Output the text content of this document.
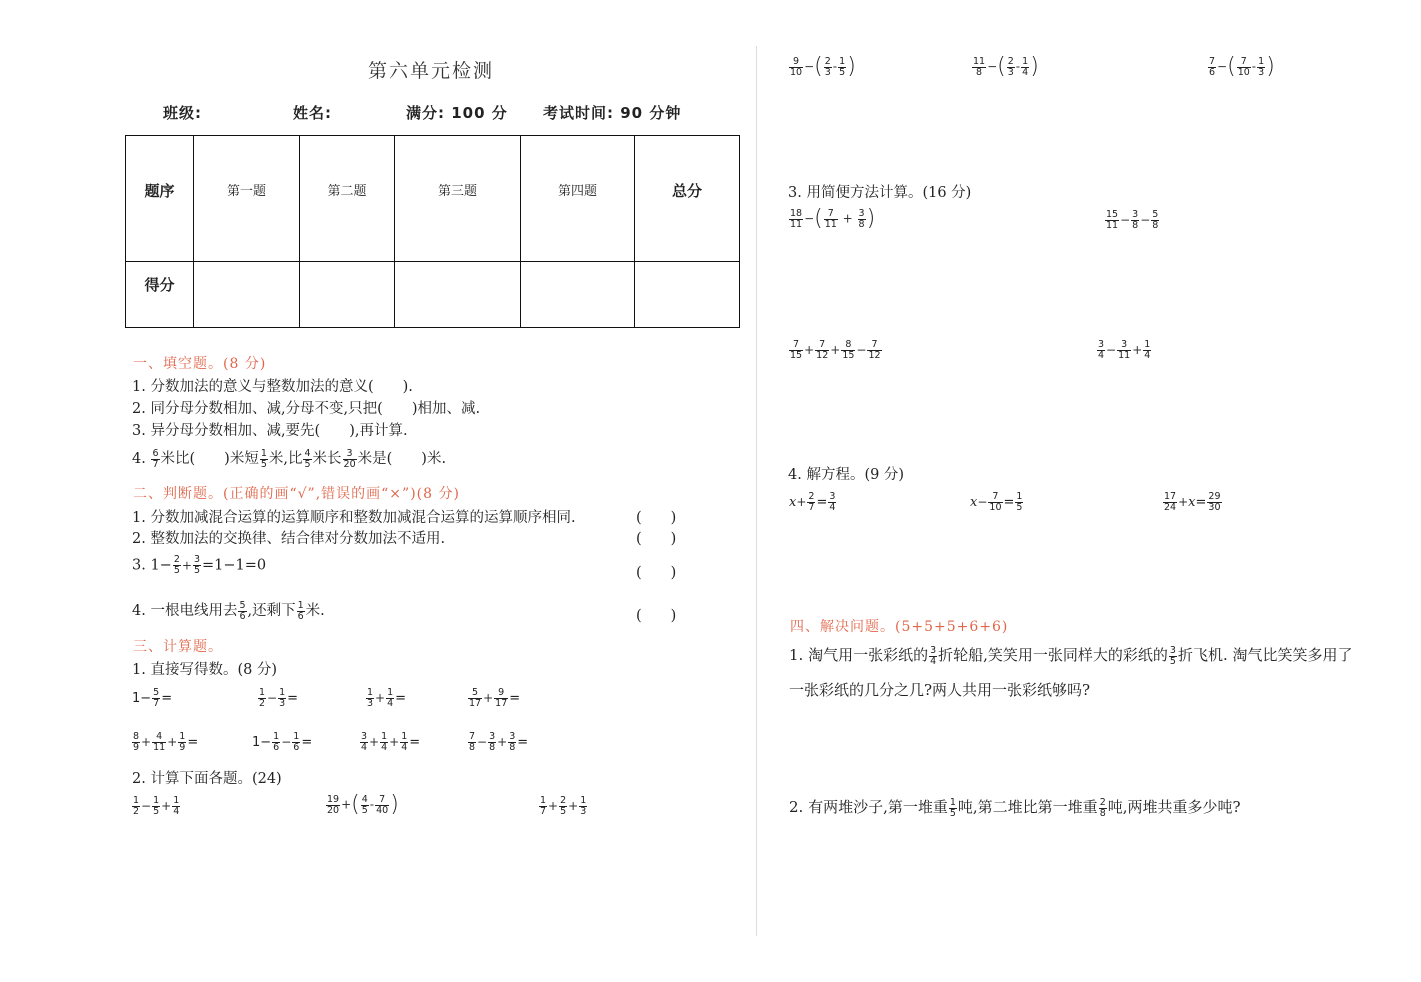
第六单元检测
班级:	姓名:	满分: 100 分 考试时间: 90 分钟
题序	第一题	第二题	第三题	第四题	总分
得分					
一、填空题。(8 分)
1. 分数加法的意义与整数加法的意义(　　).
2. 同分母分数相加、减,分母不变,只把(　　)相加、减.
3. 异分母分数相加、减,要先(　　),再计算.
4. $\frac{6}{7}$ 米比(　　)米短 $\frac{1}{5}$ 米,比 $\frac{4}{5}$ 米长 $\frac{3}{20}$ 米是(　　)米.
二、判断题。(正确的画“√”,错误的画“×”)(8 分)
1. 分数加减混合运算的运算顺序和整数加减混合运算的运算顺序相同.	(　　)
2. 整数加法的交换律、结合律对分数加法不适用.	(　　)
3. $1- \frac{2}{5} + \frac{3}{5} =1-1=0$	(　　)
4. 一根电线用去 $\frac{5}{6}$ ,还剩下 $\frac{1}{6}$ 米.	(　　)
三、计算题。
1. 直接写得数。(8 分)
$1- \frac{5}{7}$ =	$\frac{1}{2} - \frac{1}{3}$ =	$\frac{1}{3} + \frac{1}{4}$ =	$\frac{5}{17} + \frac{9}{17}$ =
$\frac{8}{9} + \frac{4}{11} + \frac{1}{9}$ =	$1- \frac{1}{6} - \frac{1}{6}$ =	$\frac{3}{4} + \frac{1}{4} + \frac{1}{4}$ =	$\frac{7}{8} - \frac{3}{8} + \frac{3}{8}$ =
2. 计算下面各题。(24)
$\frac{1}{2} - \frac{1}{5} + \frac{1}{4}$	$\frac{19}{20}$ +( $\frac{4}{5} - \frac{7}{40}$ )	$\frac{1}{7} + \frac{2}{5} + \frac{1}{3}$
$\frac{9}{10}$ −( $\frac{2}{3} - \frac{1}{5}$ )	$\frac{11}{8}$ −( $\frac{2}{3} - \frac{1}{4}$ )	$\frac{7}{6}$ −( $\frac{7}{10} - \frac{1}{3}$ )
3. 用简便方法计算。(16 分)
$\frac{18}{11}$ −( $\frac{7}{11} + \frac{3}{8}$ )	$\frac{15}{11} - \frac{3}{8} - \frac{5}{8}$
$\frac{7}{15} + \frac{7}{12} + \frac{8}{15} - \frac{7}{12}$	$\frac{3}{4} - \frac{3}{11} + \frac{1}{4}$
4. 解方程。(9 分)
$x+ \frac{2}{7} = \frac{3}{4}$	$x- \frac{7}{10} = \frac{1}{5}$	$\frac{17}{24} +x= \frac{29}{30}$
四、解决问题。(5+5+5+6+6)
1. 淘气用一张彩纸的 $\frac{3}{4}$ 折轮船,笑笑用一张同样大的彩纸的 $\frac{3}{5}$ 折飞机. 淘气比笑笑多用了
一张彩纸的几分之几?两人共用一张彩纸够吗?
2. 有两堆沙子,第一堆重 $\frac{1}{5}$ 吨,第二堆比第一堆重 $\frac{2}{8}$ 吨,两堆共重多少吨?
